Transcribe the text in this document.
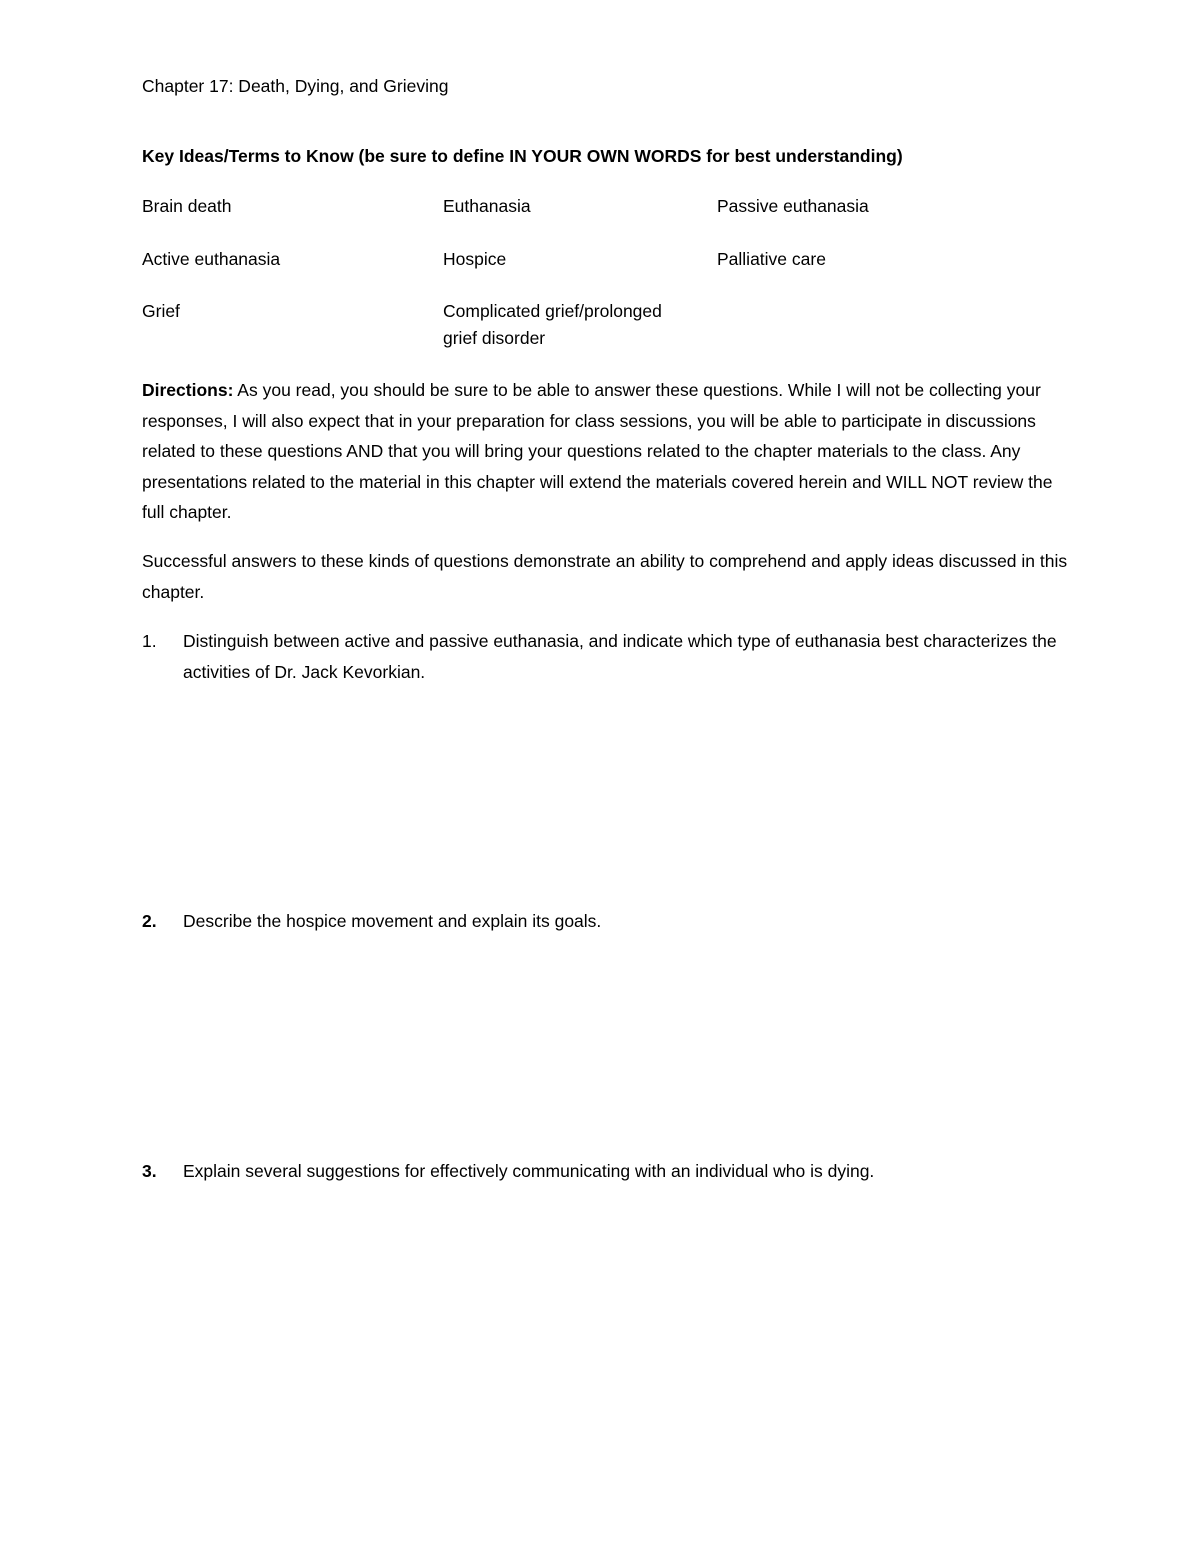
Chapter 17: Death, Dying, and Grieving
Key Ideas/Terms to Know (be sure to define IN YOUR OWN WORDS for best understanding)
Brain death	Euthanasia	Passive euthanasia
Active euthanasia	Hospice	Palliative care
Grief	Complicated grief/prolonged
grief disorder

Directions: As you read, you should be sure to be able to answer these questions. While I will not be collecting your responses, I will also expect that in your preparation for class sessions, you will be able to participate in discussions related to these questions AND that you will bring your questions related to the chapter materials to the class. Any presentations related to the material in this chapter will extend the materials covered herein and WILL NOT review the full chapter.

Successful answers to these kinds of questions demonstrate an ability to comprehend and apply ideas discussed in this chapter.

1. Distinguish between active and passive euthanasia, and indicate which type of euthanasia best characterizes the activities of Dr. Jack Kevorkian.
2. Describe the hospice movement and explain its goals.
3. Explain several suggestions for effectively communicating with an individual who is dying.
